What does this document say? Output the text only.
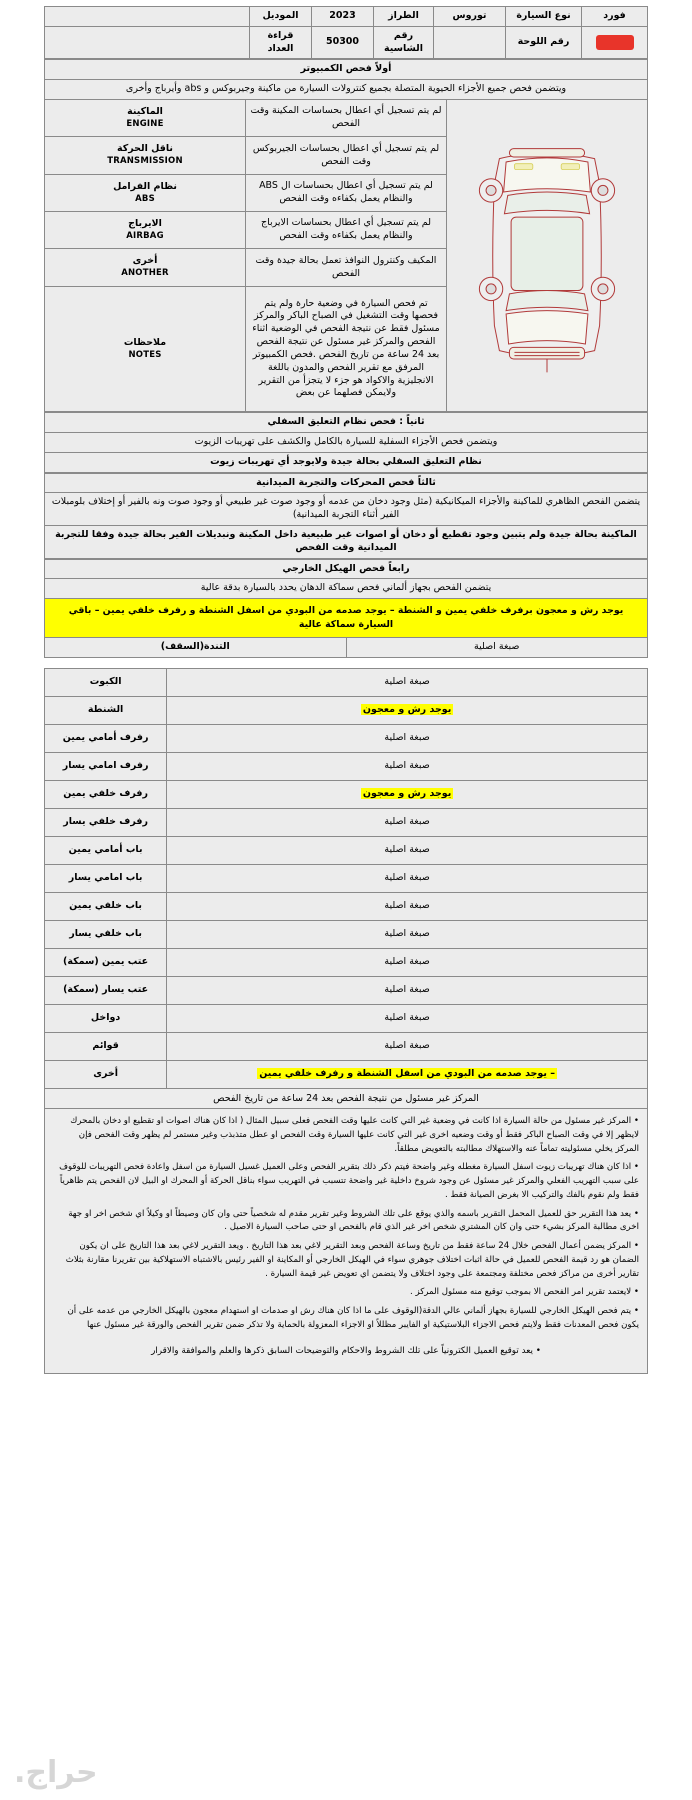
فورد	نوع السيارة	توروس	الطراز	2023	الموديل	
	رقم اللوحة		رقم الشاسية	50300	قراءة العداد	
أولاً فحص الكمبيوتر		
ويتضمن فحص جميع الأجزاء الحيوية المتصلة بجميع كنترولات السيارة من ماكينة وجيربوكس و abs وأيرباج وأخرى		

	لم يتم تسجيل أي اعطال بحساسات المكينة وقت الفحص	الماكينة
ENGINE

	لم يتم تسجيل أي اعطال بحساسات الجيربوكس وقت الفحص	ناقل الحركة
TRANSMISSION

	لم يتم تسجيل أي اعطال بحساسات ال ABS والنظام يعمل بكفاءه وقت الفحص	نظام الفرامل
ABS

	لم يتم تسجيل أي اعطال بحساسات الايرباج والنظام يعمل بكفاءه وقت الفحص	الايرباج
AIRBAG

	المكيف وكنترول النوافذ تعمل بحالة جيدة وقت الفحص	أخرى
ANOTHER

	تم فحص السيارة في وضعية حارة ولم يتم فحصها وقت التشغيل في الصباح الباكر والمركز مسئول فقط عن نتيجة الفحص في الوضعية اثناء الفحص والمركز غير مسئول عن نتيجة الفحص بعد 24 ساعة من تاريخ الفحص .فحص الكمبيوتر المرفق مع تقرير الفحص والمدون باللغة الانجليزية والاكواد هو جزء لا يتجزأ من التقرير ولايمكن فصلهما عن بعض	ملاحظات
NOTES
ثانياً : فحص نظام التعليق السفلي
ويتضمن فحص الأجزاء السفلية للسيارة بالكامل والكشف على تهريبات الزيوت
نظام التعليق السفلي بحالة جيدة ولايوجد أي تهريبات زيوت
ثالثاً فحص المحركات والتجربة الميدانية
يتضمن الفحص الظاهري للماكينة والأجزاء الميكانيكية (مثل وجود دخان من عدمه أو وجود صوت غير طبيعي أو وجود صوت ونه بالفير أو إختلاف بلومبلات الفير أثناء التجربة الميدانية)
الماكينة بحالة جيدة ولم يتبين وجود تقطيع أو دخان أو اصوات غير طبيعية داخل المكينة ونبديلات الفير بحالة جيدة وفقا للتجربة الميدانية وقت الفحص
رابعاً فحص الهيكل الخارجي
يتضمن الفحص بجهاز ألماني فحص سماكة الدهان يحدد بالسيارة بدقة عالية
يوجد رش و معجون برفرف خلفي يمين و الشنطة – يوجد صدمه من البودي من اسفل الشنطة و رفرف خلفي يمين – باقي السيارة سماكة عالية
صبغة اصلية	التندة(السقف)
صبغة اصلية	الكبوت
يوجد رش و معجون	الشنطة
صبغة اصلية	رفرف أمامي يمين
صبغة اصلية	رفرف امامي يسار
يوجد رش و معجون	رفرف خلفي يمين
صبغة اصلية	رفرف خلفي يسار
صبغة اصلية	باب أمامي يمين
صبغة اصلية	باب امامي يسار
صبغة اصلية	باب خلفي يمين
صبغة اصلية	باب خلفي يسار
صبغة اصلية	عتب يمين (سمكة)
صبغة اصلية	عتب يسار (سمكة)
صبغة اصلية	دواخل
صبغة اصلية	قوائم
– يوجد صدمه من البودي من اسفل الشنطة و رفرف خلفي يمين	أخرى
المركز غير مسئول من نتيجة الفحص بعد 24 ساعة من تاريخ الفحص

• المركز غير مسئول من حالة السيارة اذا كانت في وضعية غير التي كانت عليها وقت الفحص فعلى سبيل المثال ( اذا كان هناك اصوات او تقطيع او دخان بالمحرك لايظهر إلا في وقت الصباح الباكر فقط أو وقت وضعيه اخرى غير التي كانت عليها السيارة وقت الفحص او عطل متذبذب وغير مستمر لم يظهر وقت الفحص فإن المركز يخلي مسئوليته تماماً عنه والاستهلاك مطالبته بالتعويض مطلقاً.

• اذا كان هناك تهريبات زيوت اسفل السيارة مغطله وغير واضحة فيتم ذكر ذلك بتقرير الفحص وعلى العميل غسيل السيارة من اسفل واعادة فحص التهريبات للوقوف على سبب التهريب الفعلي والمركز غير مسئول عن وجود شروخ داخلية غير واضحة تتسبب في التهريب سواء بناقل الحركة أو المحرك او البيل لان الفحص يتم ظاهرياً فقط ولم نقوم بالفك والتركيب الا بغرض الصيانة فقط .

• يعد هذا التقرير حق للعميل المحمل التقرير باسمه والذي يوقع على تلك الشروط وغير تقرير مقدم له شخصياً حتى وان كان وصيطاً او وكيلاً اي شخص اخر او جهة اخرى مطالبة المركز بشيء حتى وان كان المشتري شخص اخر غير الذي قام بالفحص او حتى صاحب السيارة الاصيل .

• المركز يضمن أعمال الفحص خلال 24 ساعة فقط من تاريخ وساعة الفحص وبعد التقرير لاغي بعد هذا التاريخ . ويعد التقرير لاغي بعد هذا التاريخ على ان يكون الضمان هو رد قيمة الفحص للعميل في حالة اثبات اختلاف جوهري سواء في الهيكل الخارجي أو المكاينة او الفير رئيس بالاشتباه الاستهلاكية بين تقريرنا مقارنة بثلاث تقارير أخرى من مراكز فحص مختلفة ومجتمعة على وجود اختلاف ولا يتضمن اي تعويض غير قيمة السيارة .

• لايعتمد تقرير امر الفحص الا بموجب توقيع منه مسئول المركز .

• يتم فحص الهيكل الخارجي للسيارة بجهاز ألماني عالي الدقة(الوقوف على ما اذا كان هناك رش او صدمات او استهدام معجون بالهيكل الخارجي من عدمه على أن يكون فحص المعدنات فقط ولايتم فحص الاجزاء البلاستيكية او الفايبر مظللاً او الاجزاء المعزولة بالحماية ولا تذكر ضمن تقرير الفحص والورقة غير مسئول عنها

• يعد توقيع العميل الكترونياً على تلك الشروط والاحكام والتوضيحات السابق ذكرها والعلم والموافقة والاقرار

حراج.
